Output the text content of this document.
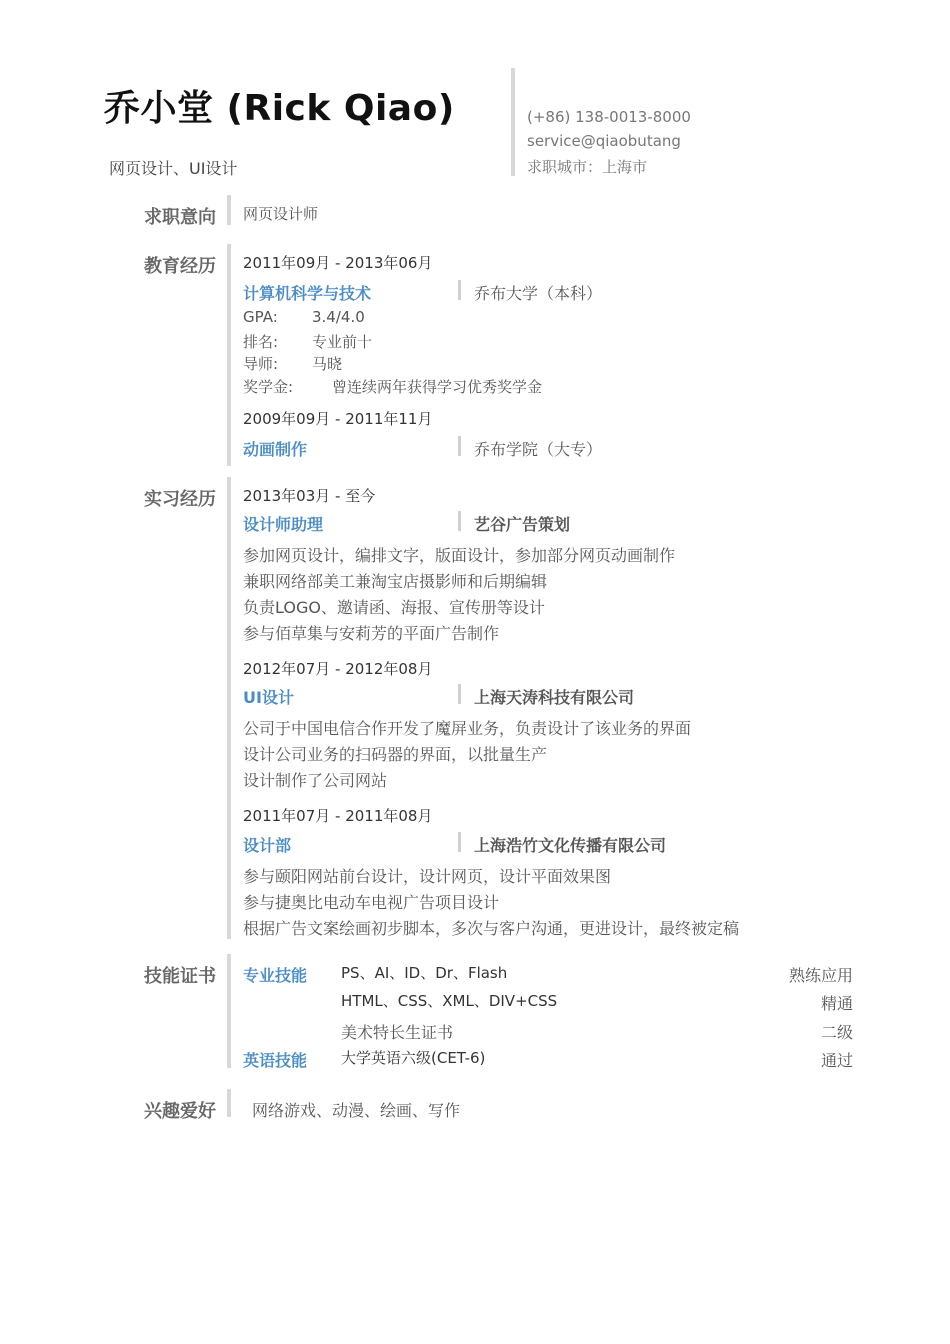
乔小堂 (Rick Qiao)
网页设计、UI设计
(+86) 138-0013-8000
service@qiaobutang
求职城市：上海市
求职意向 网页设计师
教育经历 2011年09月 - 2013年06月
计算机科学与技术	乔布大学（本科）
GPA: 3.4/4.0
排名: 专业前十
导师: 马晓
奖学金:	曾连续两年获得学习优秀奖学金
2009年09月 - 2011年11月
动画制作	乔布学院（大专）
实习经历 2013年03月 - 至今
设计师助理	艺谷广告策划
参加网页设计，编排文字，版面设计，参加部分网页动画制作
兼职网络部美工兼淘宝店摄影师和后期编辑
负责LOGO、邀请函、海报、宣传册等设计
参与佰草集与安莉芳的平面广告制作
2012年07月 - 2012年08月
UI设计	上海天涛科技有限公司
公司于中国电信合作开发了魔屏业务，负责设计了该业务的界面
设计公司业务的扫码器的界面，以批量生产
设计制作了公司网站
2011年07月 - 2011年08月
设计部	上海浩竹文化传播有限公司
参与颐阳网站前台设计，设计网页，设计平面效果图
参与捷奥比电动车电视广告项目设计
根据广告文案绘画初步脚本，多次与客户沟通，更进设计，最终被定稿
技能证书 专业技能 PS、AI、ID、Dr、Flash	熟练应用
HTML、CSS、XML、DIV+CSS	精通
美术特长生证书	二级
英语技能 大学英语六级(CET-6)	通过
兴趣爱好 网络游戏、动漫、绘画、写作
